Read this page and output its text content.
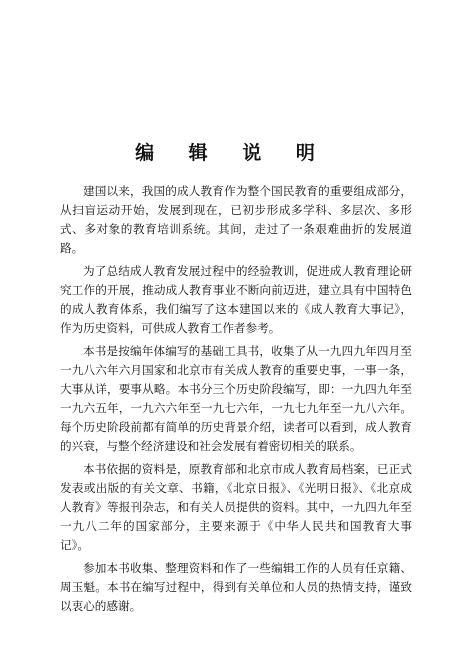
编 辑 说 明

建国以来，我国的成人教育作为整个国民教育的重要组成部分，从扫盲运动开始，发展到现在，已初步形成多学科、多层次、多形式、多对象的教育培训系统。其间，走过了一条艰难曲折的发展道路。

为了总结成人教育发展过程中的经验教训，促进成人教育理论研究工作的开展，推动成人教育事业不断向前迈进，建立具有中国特色的成人教育体系，我们编写了这本建国以来的《成人教育大事记》，作为历史资料，可供成人教育工作者参考。

本书是按编年体编写的基础工具书，收集了从一九四九年四月至一九八六年六月国家和北京市有关成人教育的重要史事，一事一条，大事从详，要事从略。本书分三个历史阶段编写，即：一九四九年至一九六五年，一九六六年至一九七六年，一九七九年至一九八六年。每个历史阶段前都有简单的历史背景介绍，读者可以看到，成人教育的兴衰，与整个经济建设和社会发展有着密切相关的联系。

本书依据的资料是，原教育部和北京市成人教育局档案，已正式发表或出版的有关文章、书籍，《北京日报》、《光明日报》、《北京成人教育》等报刊杂志，和有关人员提供的资料。其中，一九四九年至一九八二年的国家部分，主要来源于《中华人民共和国教育大事记》。

参加本书收集、整理资料和作了一些编辑工作的人员有任京籍、周玉魁。本书在编写过程中，得到有关单位和人员的热情支持，谨致以衷心的感谢。
